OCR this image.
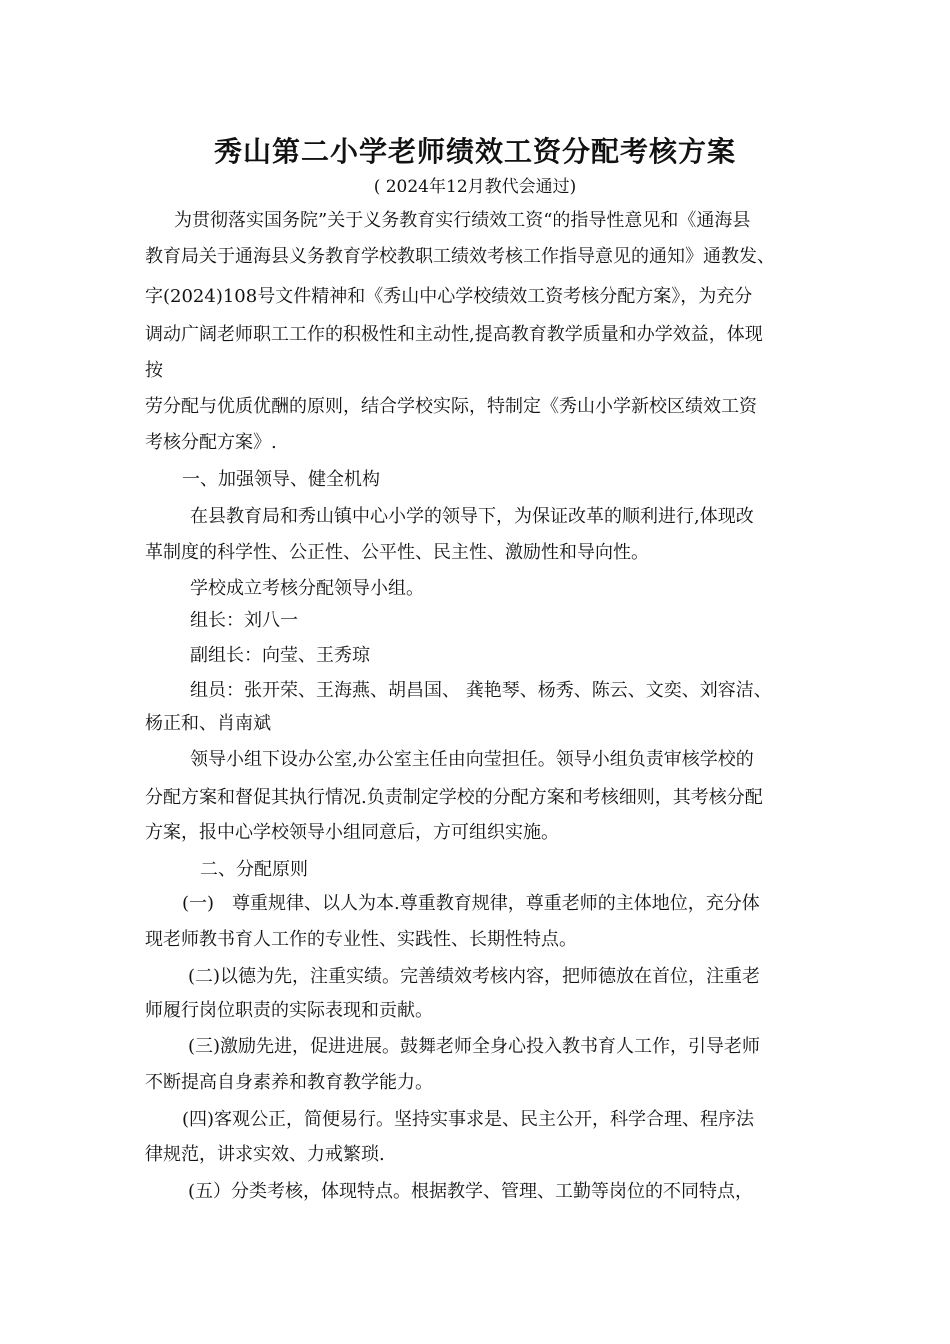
秀山第二小学老师绩效工资分配考核方案
( 2024年12月教代会通过)
为贯彻落实国务院”关于义务教育实行绩效工资“的指导性意见和《通海县
教育局关于通海县义务教育学校教职工绩效考核工作指导意见的通知》通教发、
字(2024)108号文件精神和《秀山中心学校绩效工资考核分配方案》，为充分
调动广阔老师职工工作的积极性和主动性,提高教育教学质量和办学效益，体现
按
劳分配与优质优酬的原则，结合学校实际，特制定《秀山小学新校区绩效工资
考核分配方案》.
一、加强领导、健全机构
在县教育局和秀山镇中心小学的领导下，为保证改革的顺利进行,体现改
革制度的科学性、公正性、公平性、民主性、激励性和导向性。
学校成立考核分配领导小组。
组长：刘八一
副组长：向莹、王秀琼
组员：张开荣、王海燕、胡昌国、 龚艳琴、杨秀、陈云、文奕、刘容洁、
杨正和、肖南斌
领导小组下设办公室,办公室主任由向莹担任。领导小组负责审核学校的
分配方案和督促其执行情况.负责制定学校的分配方案和考核细则，其考核分配
方案，报中心学校领导小组同意后，方可组织实施。
二、分配原则
(一)　尊重规律、以人为本.尊重教育规律，尊重老师的主体地位，充分体
现老师教书育人工作的专业性、实践性、长期性特点。
(二)以德为先，注重实绩。完善绩效考核内容，把师德放在首位，注重老
师履行岗位职责的实际表现和贡献。
(三)激励先进，促进进展。鼓舞老师全身心投入教书育人工作，引导老师
不断提高自身素养和教育教学能力。
(四)客观公正，简便易行。坚持实事求是、民主公开，科学合理、程序法
律规范，讲求实效、力戒繁琐.
(五）分类考核，体现特点。根据教学、管理、工勤等岗位的不同特点，
